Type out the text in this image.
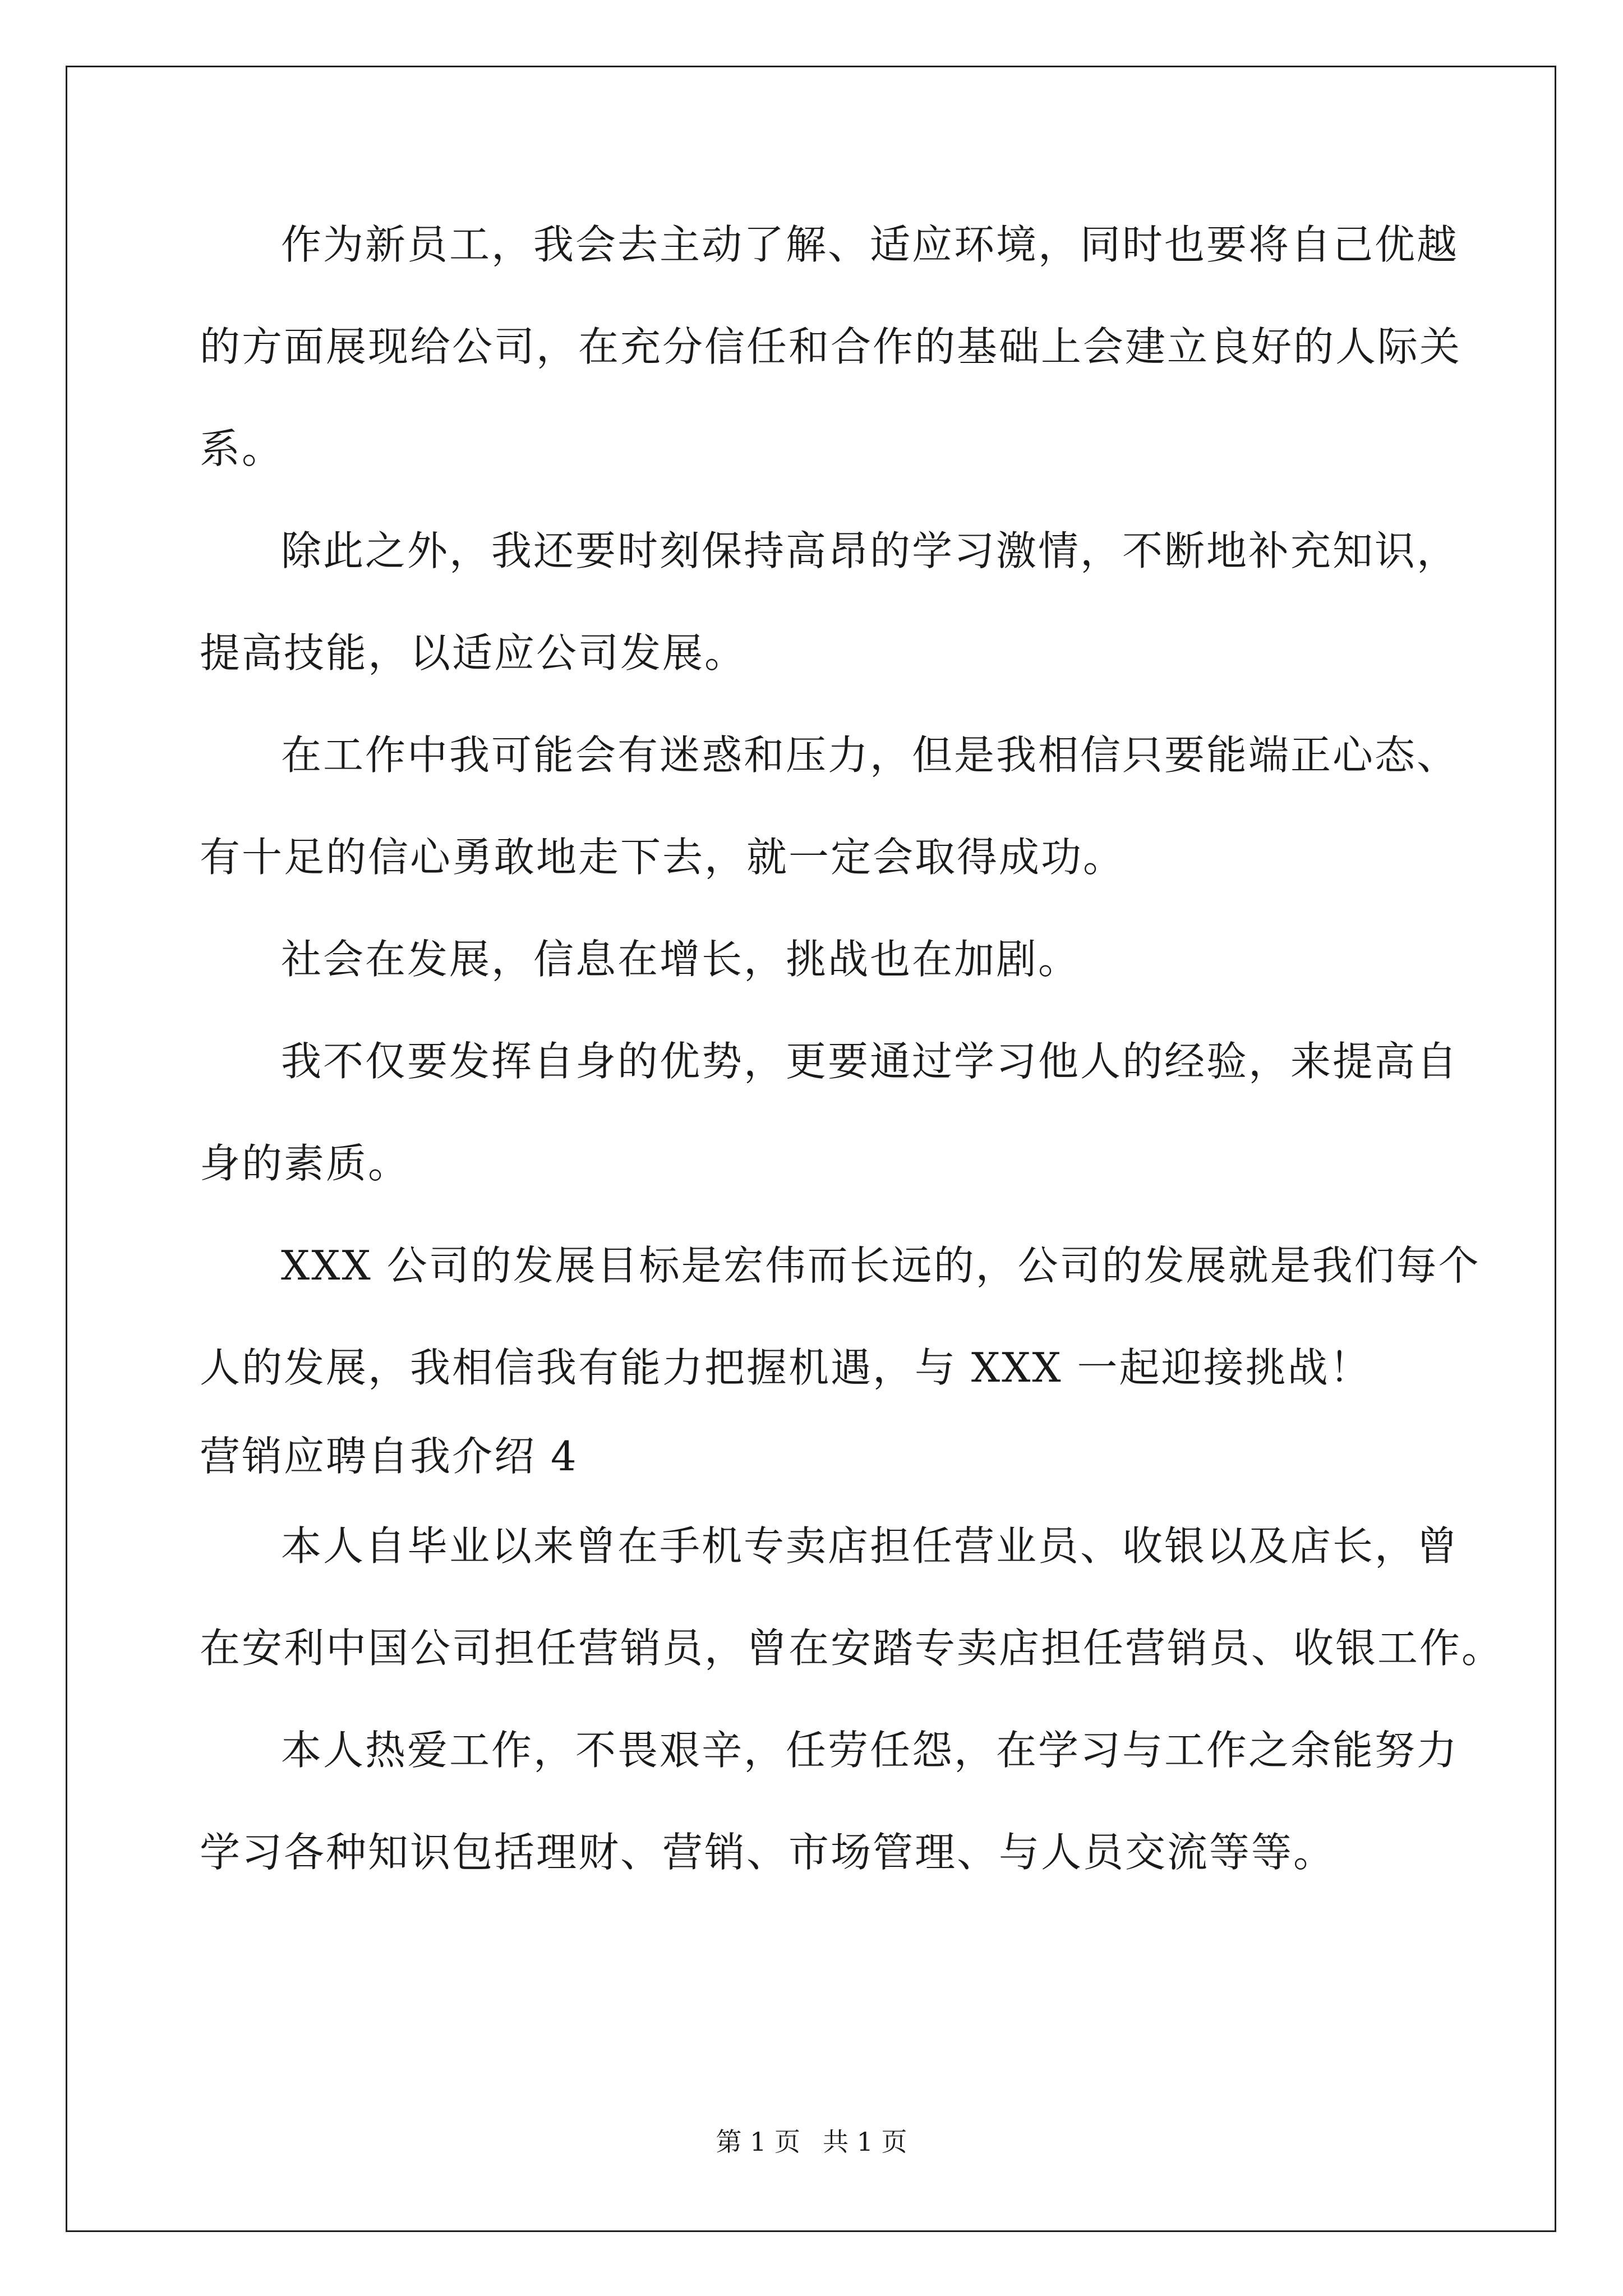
作为新员工，我会去主动了解、适应环境，同时也要将自己优越
的方面展现给公司，在充分信任和合作的基础上会建立良好的人际关
系。
除此之外，我还要时刻保持高昂的学习激情，不断地补充知识，
提高技能，以适应公司发展。
在工作中我可能会有迷惑和压力，但是我相信只要能端正心态、
有十足的信心勇敢地走下去，就一定会取得成功。
社会在发展，信息在增长，挑战也在加剧。
我不仅要发挥自身的优势，更要通过学习他人的经验，来提高自
身的素质。
XXX 公司的发展目标是宏伟而长远的，公司的发展就是我们每个
人的发展，我相信我有能力把握机遇，与 XXX 一起迎接挑战！
营销应聘自我介绍 4
本人自毕业以来曾在手机专卖店担任营业员、收银以及店长，曾
在安利中国公司担任营销员，曾在安踏专卖店担任营销员、收银工作。
本人热爱工作，不畏艰辛，任劳任怨，在学习与工作之余能努力
学习各种知识包括理财、营销、市场管理、与人员交流等等。
第 1 页 共 1 页
